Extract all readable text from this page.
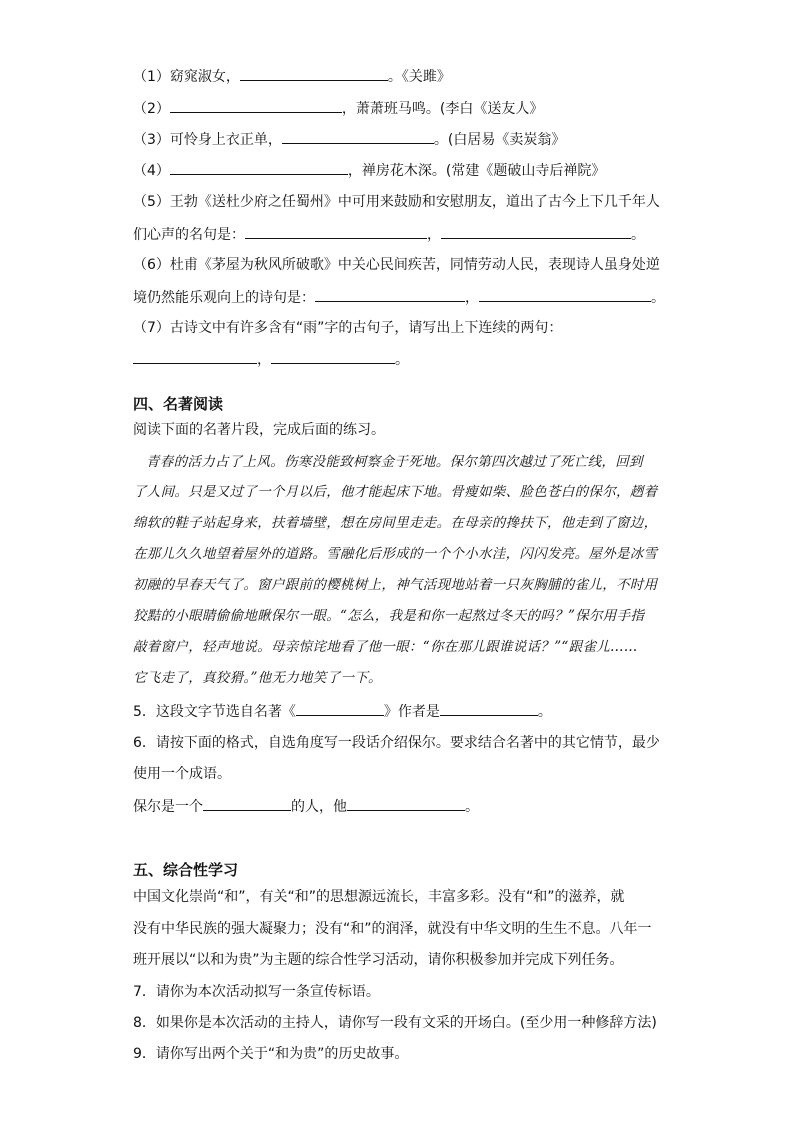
（1）窈窕淑女，	。《关雎》
（2）	，萧萧班马鸣。(李白《送友人》
（3）可怜身上衣正单，	。(白居易《卖炭翁》
（4）	，禅房花木深。(常建《题破山寺后禅院》
（5）王勃《送杜少府之任蜀州》中可用来鼓励和安慰朋友，道出了古今上下几千年人
们心声的名句是：	，	。
（6）杜甫《茅屋为秋风所破歌》中关心民间疾苦，同情劳动人民，表现诗人虽身处逆
境仍然能乐观向上的诗句是：	，	。
（7）古诗文中有许多含有“雨”字的古句子，请写出上下连续的两句：
，	。
四、名著阅读
阅读下面的名著片段，完成后面的练习。
青春的活力占了上风。伤寒没能致柯察金于死地。保尔第四次越过了死亡线，回到
了人间。只是又过了一个月以后，他才能起床下地。骨瘦如柴、脸色苍白的保尔，趔着
绵软的鞋子站起身来，扶着墙壁，想在房间里走走。在母亲的搀扶下，他走到了窗边，
在那儿久久地望着屋外的道路。雪融化后形成的一个个小水洼，闪闪发亮。屋外是冰雪
初融的早春天气了。窗户跟前的樱桃树上，神气活现地站着一只灰胸脯的雀儿，不时用
狡黠的小眼睛偷偷地瞅保尔一眼。“怎么，我是和你一起熬过冬天的吗？”保尔用手指
敲着窗户，轻声地说。母亲惊诧地看了他一眼：“你在那儿跟谁说话？”“跟雀儿……
它飞走了，真狡猾。”他无力地笑了一下。
5．这段文字节选自名著《	》作者是	。
6．请按下面的格式，自选角度写一段话介绍保尔。要求结合名著中的其它情节，最少
使用一个成语。
保尔是一个	的人，他	。
五、综合性学习
中国文化崇尚“和”，有关“和”的思想源远流长，丰富多彩。没有“和”的滋养，就
没有中华民族的强大凝聚力；没有“和”的润泽，就没有中华文明的生生不息。八年一
班开展以“以和为贵”为主题的综合性学习活动，请你积极参加并完成下列任务。
7．请你为本次活动拟写一条宣传标语。
8．如果你是本次活动的主持人，请你写一段有文采的开场白。(至少用一种修辞方法)
9．请你写出两个关于“和为贵”的历史故事。
